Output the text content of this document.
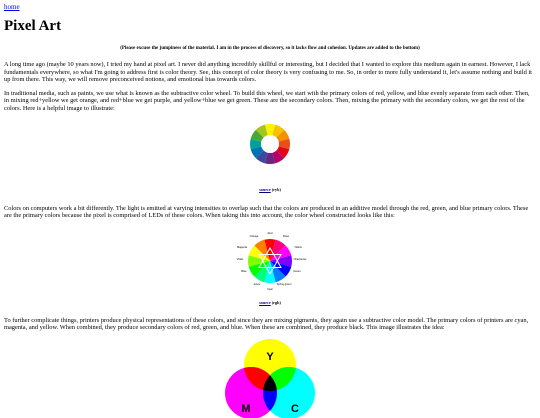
home
Pixel Art
(Please excuse the jumpiness of the material. I am in the process of discovery, so it lacks flow and cohesion. Updates are added to the bottom)

A long time ago (maybe 10 years now), I tried my hand at pixel art. I never did anything incredibly skillful or interesting, but I decided that I wanted to explore this medium again in earnest. However, I lack fundamentals everywhere, so what I'm going to address first is color theory. See, this concept of color theory is very confusing to me. So, in order to more fully understand it, let's assume nothing and build it up from there. This way, we will remove preconceived notions, and emotional bias towards colors.

In traditional media, such as paints, we use what is known as the subtractive color wheel. To build this wheel, we start with the primary colors of red, yellow, and blue evenly separate from each other. Then, in mixing red+yellow we get orange, and red+blue we get purple, and yellow+blue we get green. These are the secondary colors. Then, mixing the primary with the secondary colors, we get the rest of the colors. Here is a helpful image to illustrate:

source (ryb)

Colors on computers work a bit differently. The light is emitted at varying intensities to overlap such that the colors are produced in an additive model through the red, green, and blue primary colors. These are the primary colors because the pixel is comprised of LEDs of these colors. When taking this into account, the color wheel constructed looks like this:

Red
Rose
Magenta
Violet
Blue
Azure
Cyan
Spring green
Green
Chartreuse
Yellow
Orange
source (rgb)

To further complicate things, printers produce physical representations of these colors, and since they are mixing pigments, they again use a subtractive color model. The primary colors of printers are cyan, magenta, and yellow. When combined, they produce secondary colors of red, green, and blue. When these are combined, they produce black. This image illustrates the idea:

Y
M	C
